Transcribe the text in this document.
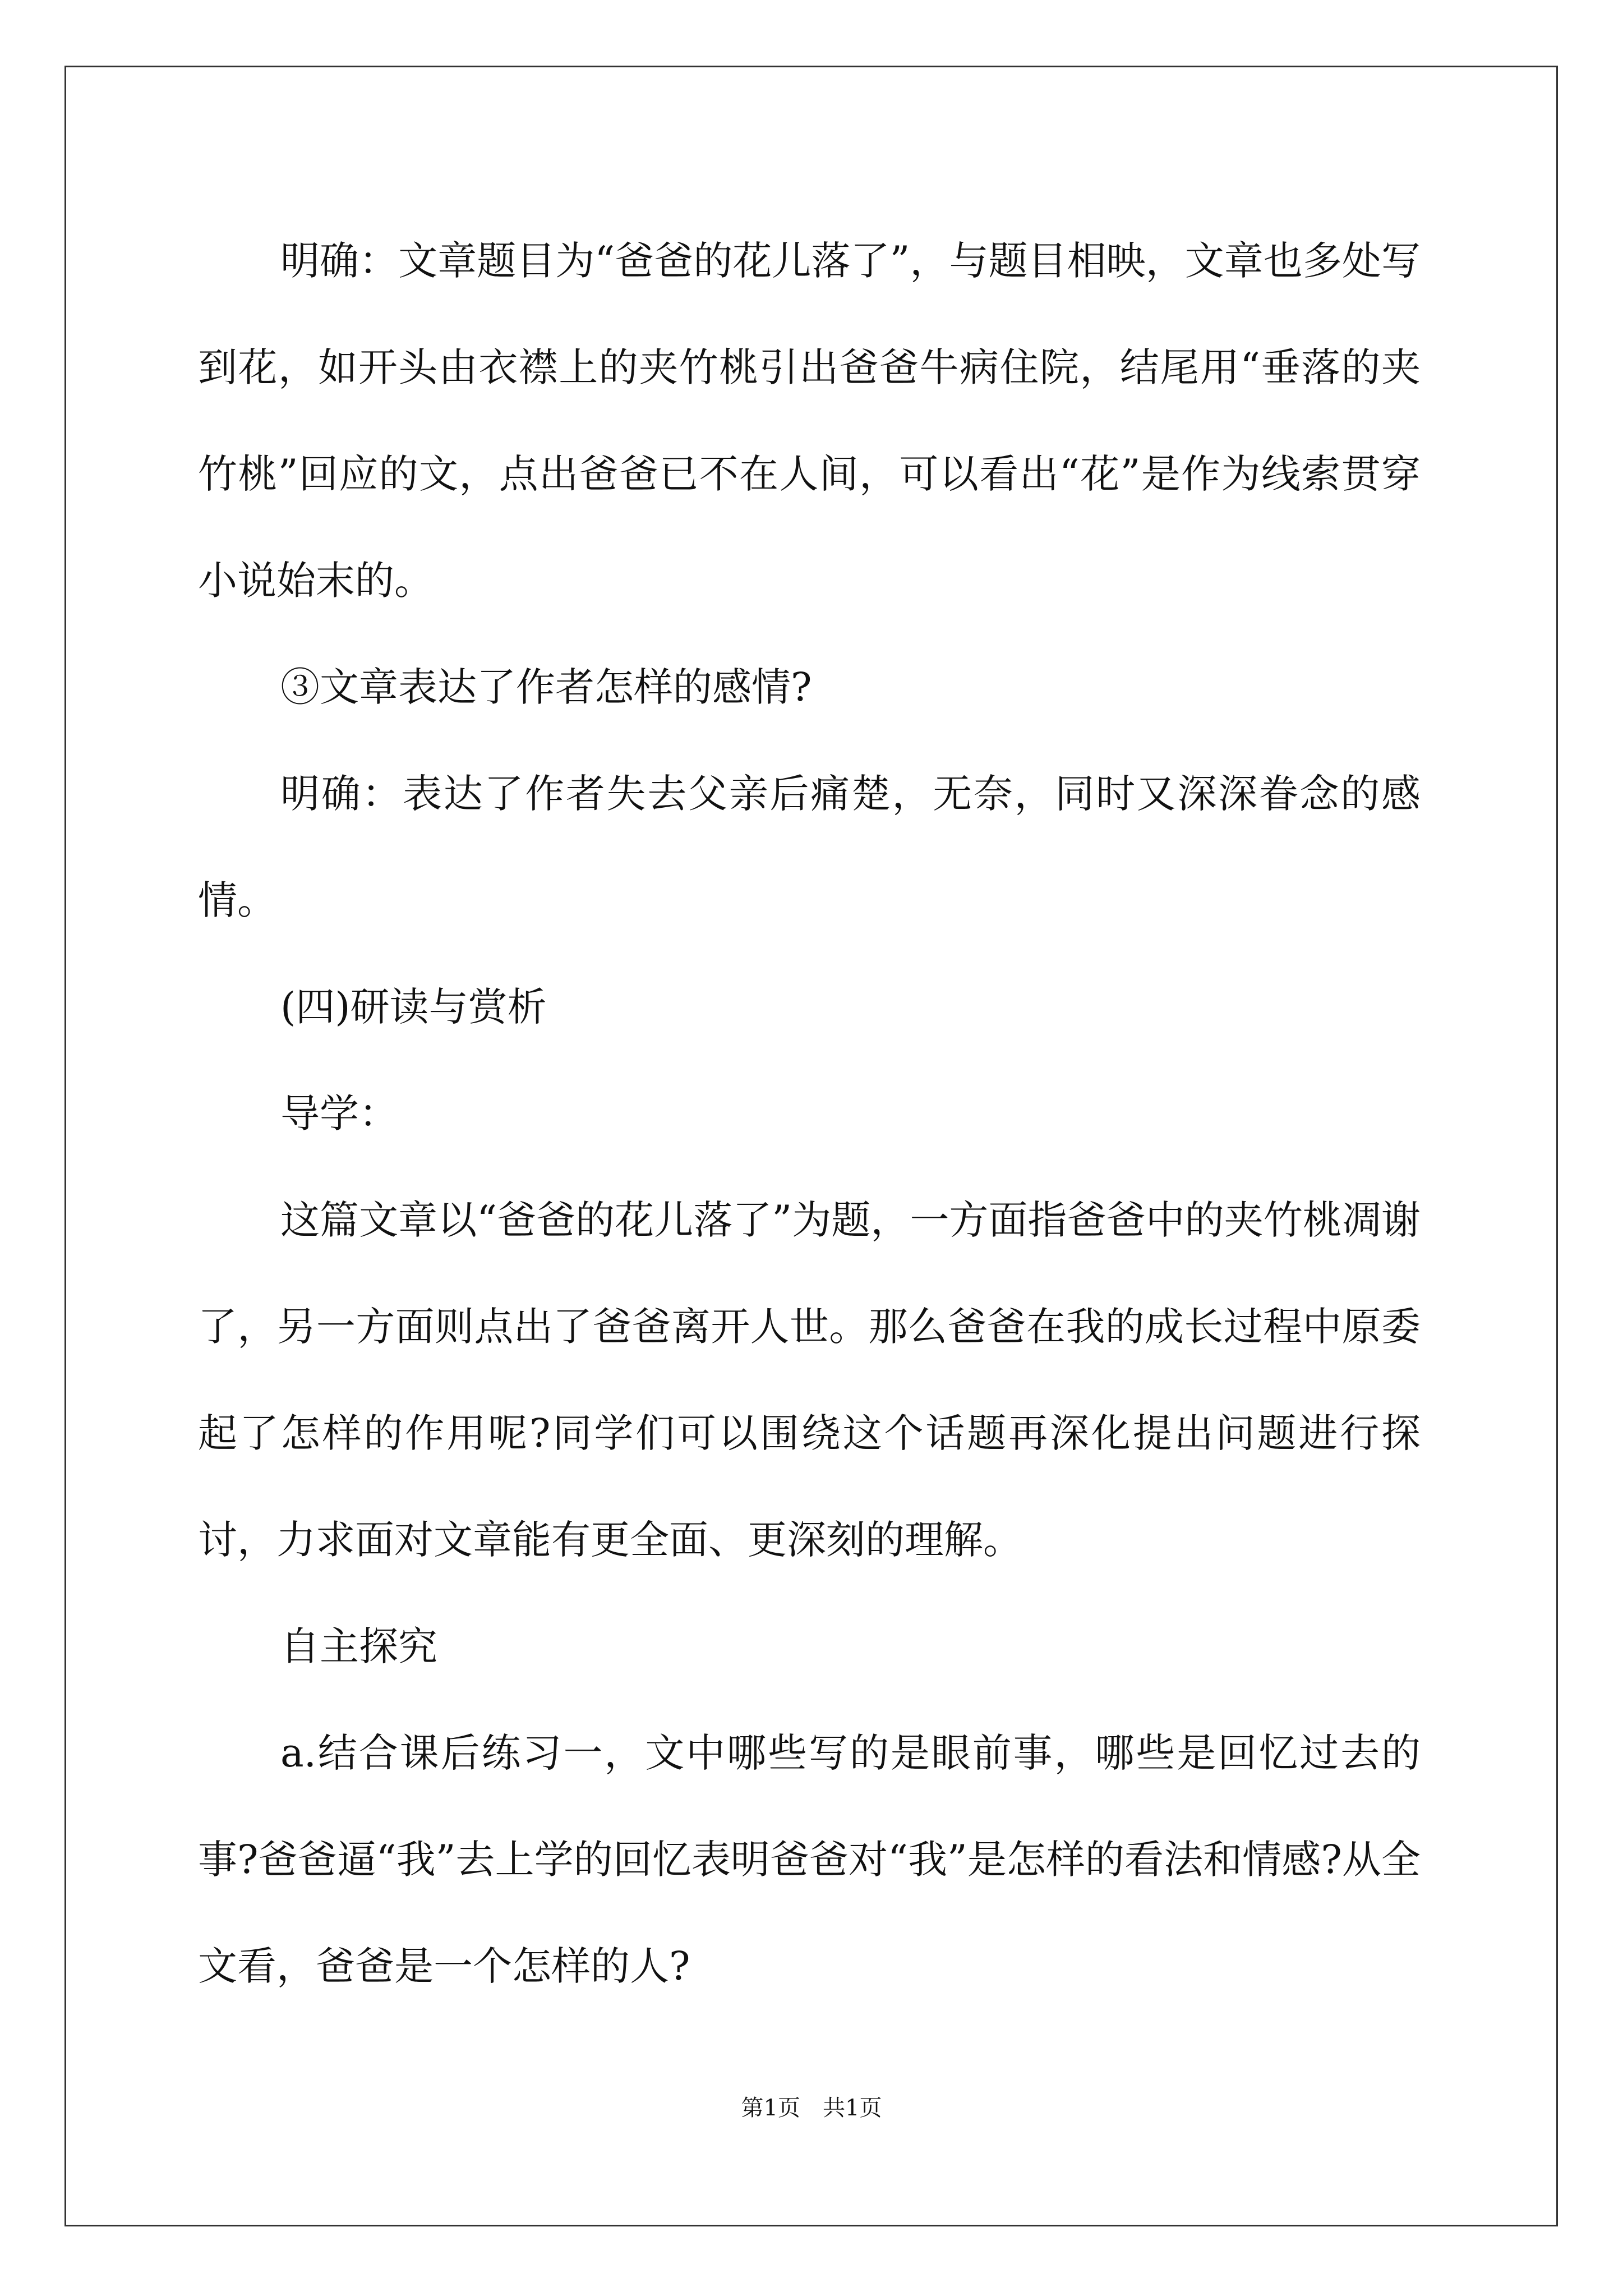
明确：文章题目为“爸爸的花儿落了”，与题目相映，文章也多处写到花，如开头由衣襟上的夹竹桃引出爸爸牛病住院，结尾用“垂落的夹竹桃”回应的文，点出爸爸已不在人间，可以看出“花”是作为线索贯穿小说始末的。

③文章表达了作者怎样的感情?

明确：表达了作者失去父亲后痛楚，无奈，同时又深深眷念的感情。

(四)研读与赏析

导学：

这篇文章以“爸爸的花儿落了”为题，一方面指爸爸中的夹竹桃凋谢了，另一方面则点出了爸爸离开人世。那么爸爸在我的成长过程中原委起了怎样的作用呢?同学们可以围绕这个话题再深化提出问题进行探讨，力求面对文章能有更全面、更深刻的理解。

自主探究

a.结合课后练习一，文中哪些写的是眼前事，哪些是回忆过去的事?爸爸逼“我”去上学的回忆表明爸爸对“我”是怎样的看法和情感?从全文看，爸爸是一个怎样的人?

第1页 共1页
